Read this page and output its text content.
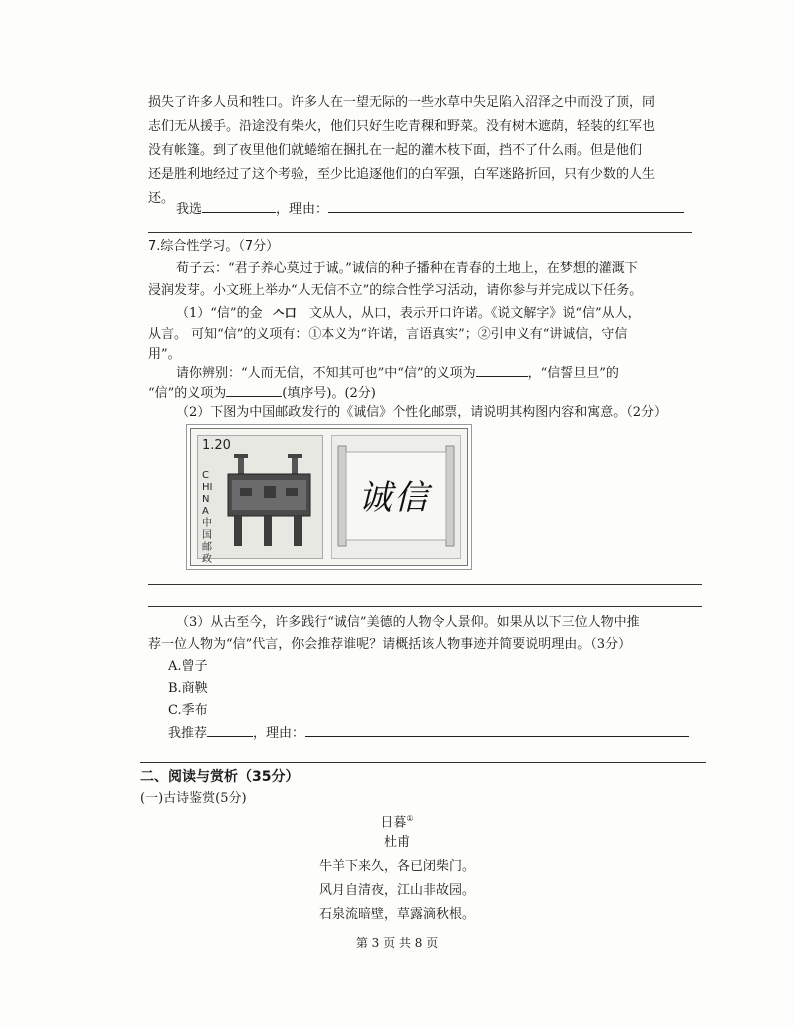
损失了许多人员和牲口。许多人在一望无际的一些水草中失足陷入沼泽之中而没了顶，同
志们无从援手。沿途没有柴火，他们只好生吃青稞和野菜。没有树木遮荫，轻装的红军也
没有帐篷。到了夜里他们就蜷缩在捆扎在一起的灌木枝下面，挡不了什么雨。但是他们
还是胜利地经过了这个考验，至少比追逐他们的白军强，白军迷路折回，只有少数的人生
还。
我选	，理由：
7.综合性学习。（7分）
荀子云：“君子养心莫过于诚。”诚信的种子播种在青春的土地上，在梦想的灌溉下
浸润发芽。小文班上举办“人无信不立”的综合性学习活动，请你参与并完成以下任务。
（1）“信”的金 𠆢口 文从人，从口，表示开口许诺。《说文解字》说“信”从人，
从言。 可知“信”的义项有：①本义为“许诺，言语真实”；②引申义有“讲诚信，守信
用”。
请你辨别：“人而无信，不知其可也”中“信”的义项为	，“信誓旦旦”的
“信”的义项为	(填序号)。(2分)
（2）下图为中国邮政发行的《诚信》个性化邮票，请说明其构图内容和寓意。（2分）
1.20
CHINA中国邮政
诚信
（3）从古至今，许多践行“诚信”美德的人物令人景仰。如果从以下三位人物中推
荐一位人物为“信”代言，你会推荐谁呢？请概括该人物事迹并简要说明理由。（3分）
A.曾子
B.商鞅
C.季布
我推荐	，理由：
二、阅读与赏析（35分）
(一)古诗鉴赏(5分)
日暮①
杜甫
牛羊下来久，各已闭柴门。
风月自清夜，江山非故园。
石泉流暗壁，草露滴秋根。
第 3 页 共 8 页
